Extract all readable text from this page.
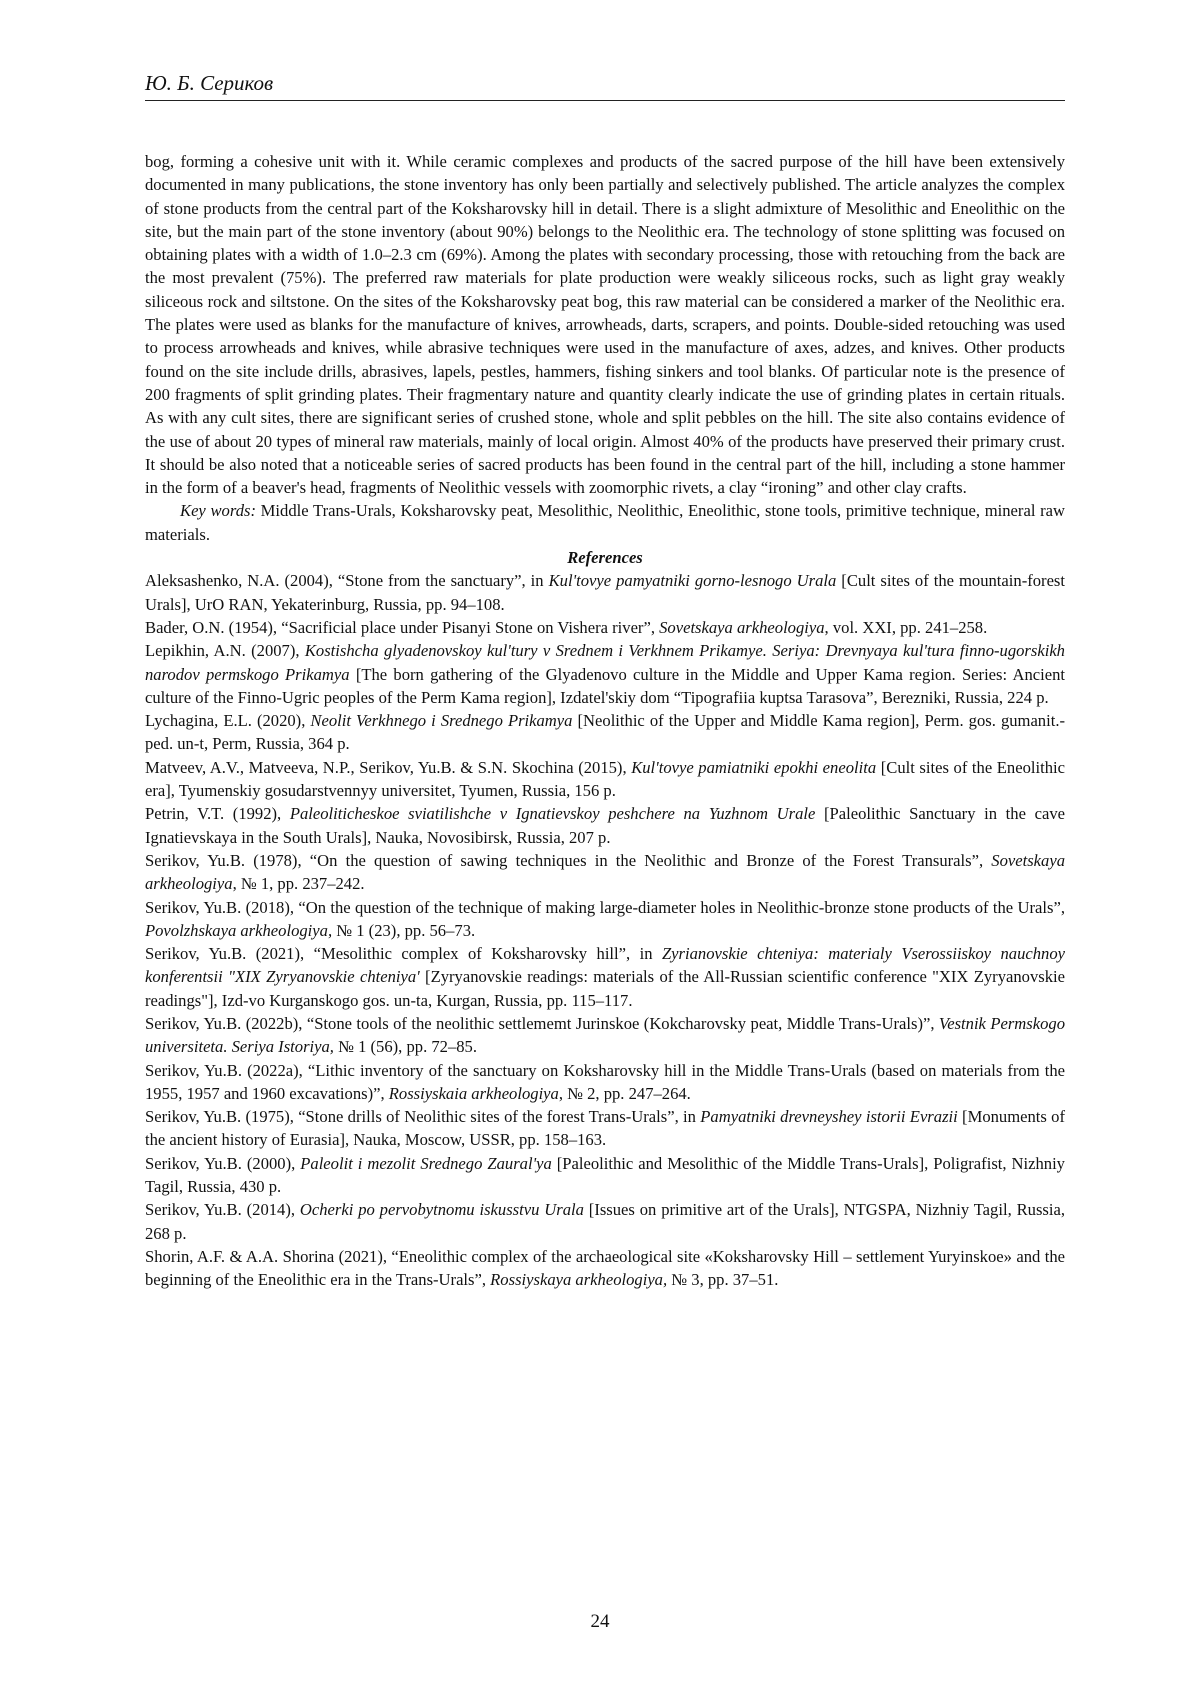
Ю. Б. Сериков

bog, forming a cohesive unit with it. While ceramic complexes and products of the sacred purpose of the hill have been extensively documented in many publications, the stone inventory has only been partially and selectively published. The article analyzes the complex of stone products from the central part of the Koksharovsky hill in detail. There is a slight admixture of Mesolithic and Eneolithic on the site, but the main part of the stone inventory (about 90%) belongs to the Neolithic era. The technology of stone splitting was focused on obtaining plates with a width of 1.0–2.3 cm (69%). Among the plates with secondary processing, those with retouching from the back are the most prevalent (75%). The preferred raw materials for plate production were weakly siliceous rocks, such as light gray weakly siliceous rock and siltstone. On the sites of the Koksharovsky peat bog, this raw material can be considered a marker of the Neolithic era. The plates were used as blanks for the manufacture of knives, arrowheads, darts, scrapers, and points. Double-sided retouching was used to process arrowheads and knives, while abrasive techniques were used in the manufacture of axes, adzes, and knives. Other products found on the site include drills, abrasives, lapels, pestles, hammers, fishing sinkers and tool blanks. Of particular note is the presence of 200 fragments of split grinding plates. Their fragmentary nature and quantity clearly indicate the use of grinding plates in certain rituals. As with any cult sites, there are significant series of crushed stone, whole and split pebbles on the hill. The site also contains evidence of the use of about 20 types of mineral raw materials, mainly of local origin. Almost 40% of the products have preserved their primary crust. It should be also noted that a noticeable series of sacred products has been found in the central part of the hill, including a stone hammer in the form of a beaver's head, fragments of Neolithic vessels with zoomorphic rivets, a clay “ironing” and other clay crafts.

Key words: Middle Trans-Urals, Koksharovsky peat, Mesolithic, Neolithic, Eneolithic, stone tools, primitive technique, mineral raw materials.

References

Aleksashenko, N.A. (2004), “Stone from the sanctuary”, in Kul'tovye pamyatniki gorno-lesnogo Urala [Cult sites of the mountain-forest Urals], UrO RAN, Yekaterinburg, Russia, pp. 94–108.

Bader, O.N. (1954), “Sacrificial place under Pisanyi Stone on Vishera river”, Sovetskaya arkheologiya, vol. XXI, pp. 241–258.

Lepikhin, A.N. (2007), Kostishcha glyadenovskoy kul'tury v Srednem i Verkhnem Prikamye. Seriya: Drevnyaya kul'tura finno-ugorskikh narodov permskogo Prikamya [The born gathering of the Glyadenovo culture in the Middle and Upper Kama region. Series: Ancient culture of the Finno-Ugric peoples of the Perm Kama region], Izdatel'skiy dom “Tipografiia kuptsa Tarasova”, Berezniki, Russia, 224 p.

Lychagina, E.L. (2020), Neolit Verkhnego i Srednego Prikamya [Neolithic of the Upper and Middle Kama region], Perm. gos. gumanit.-ped. un-t, Perm, Russia, 364 p.

Matveev, A.V., Matveeva, N.P., Serikov, Yu.B. & S.N. Skochina (2015), Kul'tovye pamiatniki epokhi eneolita [Cult sites of the Eneolithic era], Tyumenskiy gosudarstvennyy universitet, Tyumen, Russia, 156 p.

Petrin, V.T. (1992), Paleoliticheskoe sviatilishche v Ignatievskoy peshchere na Yuzhnom Urale [Paleolithic Sanctuary in the cave Ignatievskaya in the South Urals], Nauka, Novosibirsk, Russia, 207 p.

Serikov, Yu.B. (1978), “On the question of sawing techniques in the Neolithic and Bronze of the Forest Transurals”, Sovetskaya arkheologiya, № 1, pp. 237–242.

Serikov, Yu.B. (2018), “On the question of the technique of making large-diameter holes in Neolithic-bronze stone products of the Urals”, Povolzhskaya arkheologiya, № 1 (23), pp. 56–73.

Serikov, Yu.B. (2021), “Mesolithic complex of Koksharovsky hill”, in Zyrianovskie chteniya: materialy Vserossiiskoy nauchnoy konferentsii "XIX Zyryanovskie chteniya' [Zyryanovskie readings: materials of the All-Russian scientific conference "XIX Zyryanovskie readings"], Izd-vo Kurganskogo gos. un-ta, Kurgan, Russia, pp. 115–117.

Serikov, Yu.B. (2022b), “Stone tools of the neolithic settlememt Jurinskoe (Kokcharovsky peat, Middle Trans-Urals)”, Vestnik Permskogo universiteta. Seriya Istoriya, № 1 (56), pp. 72–85.

Serikov, Yu.B. (2022a), “Lithic inventory of the sanctuary on Koksharovsky hill in the Middle Trans-Urals (based on materials from the 1955, 1957 and 1960 excavations)”, Rossiyskaia arkheologiya, № 2, pp. 247–264.

Serikov, Yu.B. (1975), “Stone drills of Neolithic sites of the forest Trans-Urals”, in Pamyatniki drevneyshey istorii Evrazii [Monuments of the ancient history of Eurasia], Nauka, Moscow, USSR, pp. 158–163.

Serikov, Yu.B. (2000), Paleolit i mezolit Srednego Zaural'ya [Paleolithic and Mesolithic of the Middle Trans-Urals], Poligrafist, Nizhniy Tagil, Russia, 430 p.

Serikov, Yu.B. (2014), Ocherki po pervobytnomu iskusstvu Urala [Issues on primitive art of the Urals], NTGSPA, Nizhniy Tagil, Russia, 268 p.

Shorin, A.F. & A.A. Shorina (2021), “Eneolithic complex of the archaeological site «Koksharovsky Hill – settlement Yuryinskoe» and the beginning of the Eneolithic era in the Trans-Urals”, Rossiyskaya arkheologiya, № 3, pp. 37–51.

24
